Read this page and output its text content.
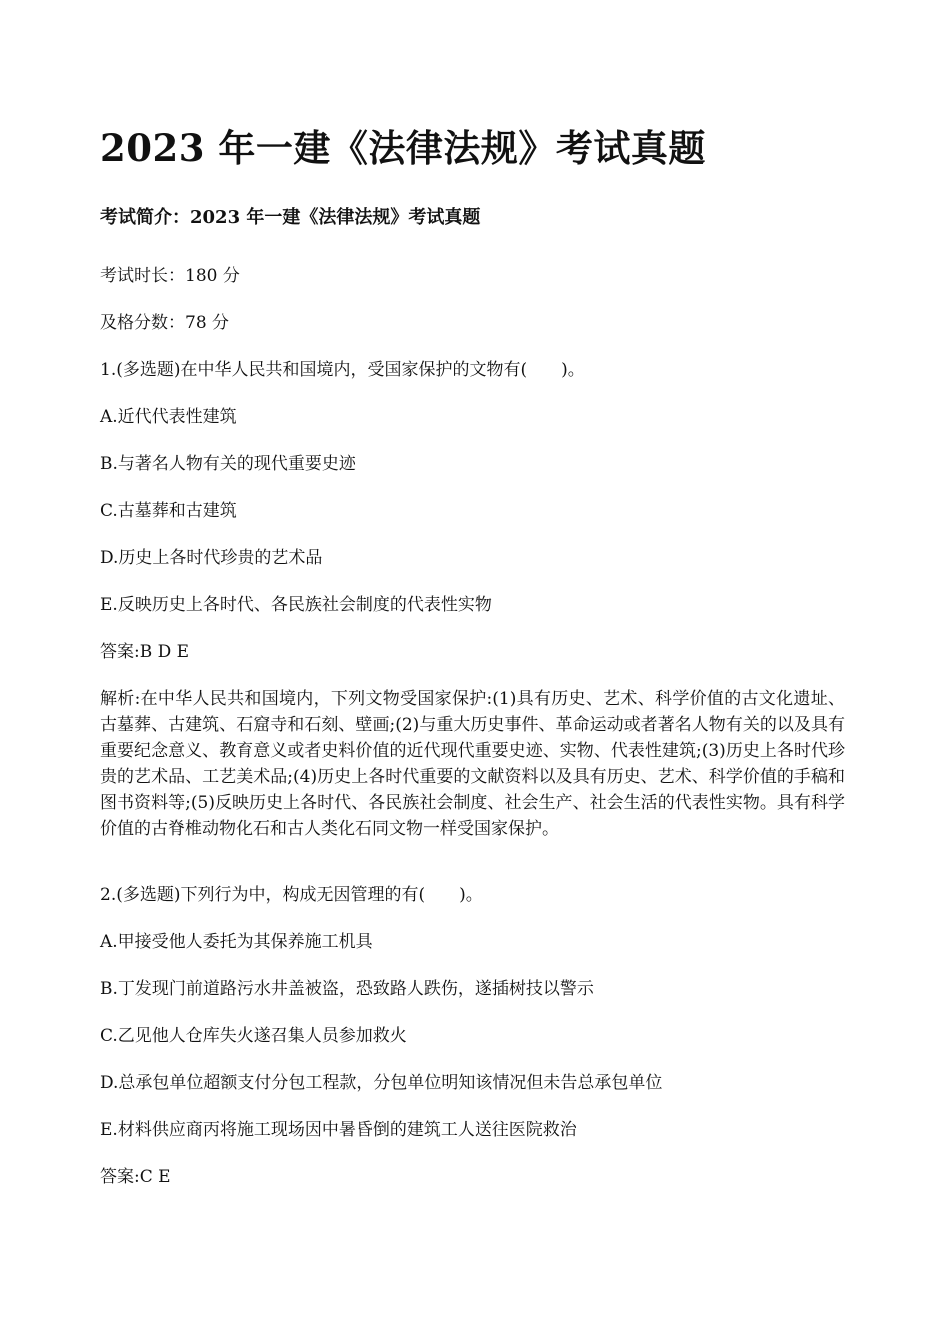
2023 年一建《法律法规》考试真题
考试简介：2023 年一建《法律法规》考试真题
考试时长：180 分
及格分数：78 分
1.(多选题)在中华人民共和国境内，受国家保护的文物有(　　)。
A.近代代表性建筑
B.与著名人物有关的现代重要史迹
C.古墓葬和古建筑
D.历史上各时代珍贵的艺术品
E.反映历史上各时代、各民族社会制度的代表性实物
答案:B D E
解析:在中华人民共和国境内，下列文物受国家保护:(1)具有历史、艺术、科学价值的古文化遗址、古墓葬、古建筑、石窟寺和石刻、壁画;(2)与重大历史事件、革命运动或者著名人物有关的以及具有重要纪念意义、教育意义或者史料价值的近代现代重要史迹、实物、代表性建筑;(3)历史上各时代珍贵的艺术品、工艺美术品;(4)历史上各时代重要的文献资料以及具有历史、艺术、科学价值的手稿和图书资料等;(5)反映历史上各时代、各民族社会制度、社会生产、社会生活的代表性实物。具有科学价值的古脊椎动物化石和古人类化石同文物一样受国家保护。
2.(多选题)下列行为中，构成无因管理的有(　　)。
A.甲接受他人委托为其保养施工机具
B.丁发现门前道路污水井盖被盗，恐致路人跌伤，遂插树技以警示
C.乙见他人仓库失火遂召集人员参加救火
D.总承包单位超额支付分包工程款，分包单位明知该情况但未告总承包单位
E.材料供应商丙将施工现场因中暑昏倒的建筑工人送往医院救治
答案:C E
